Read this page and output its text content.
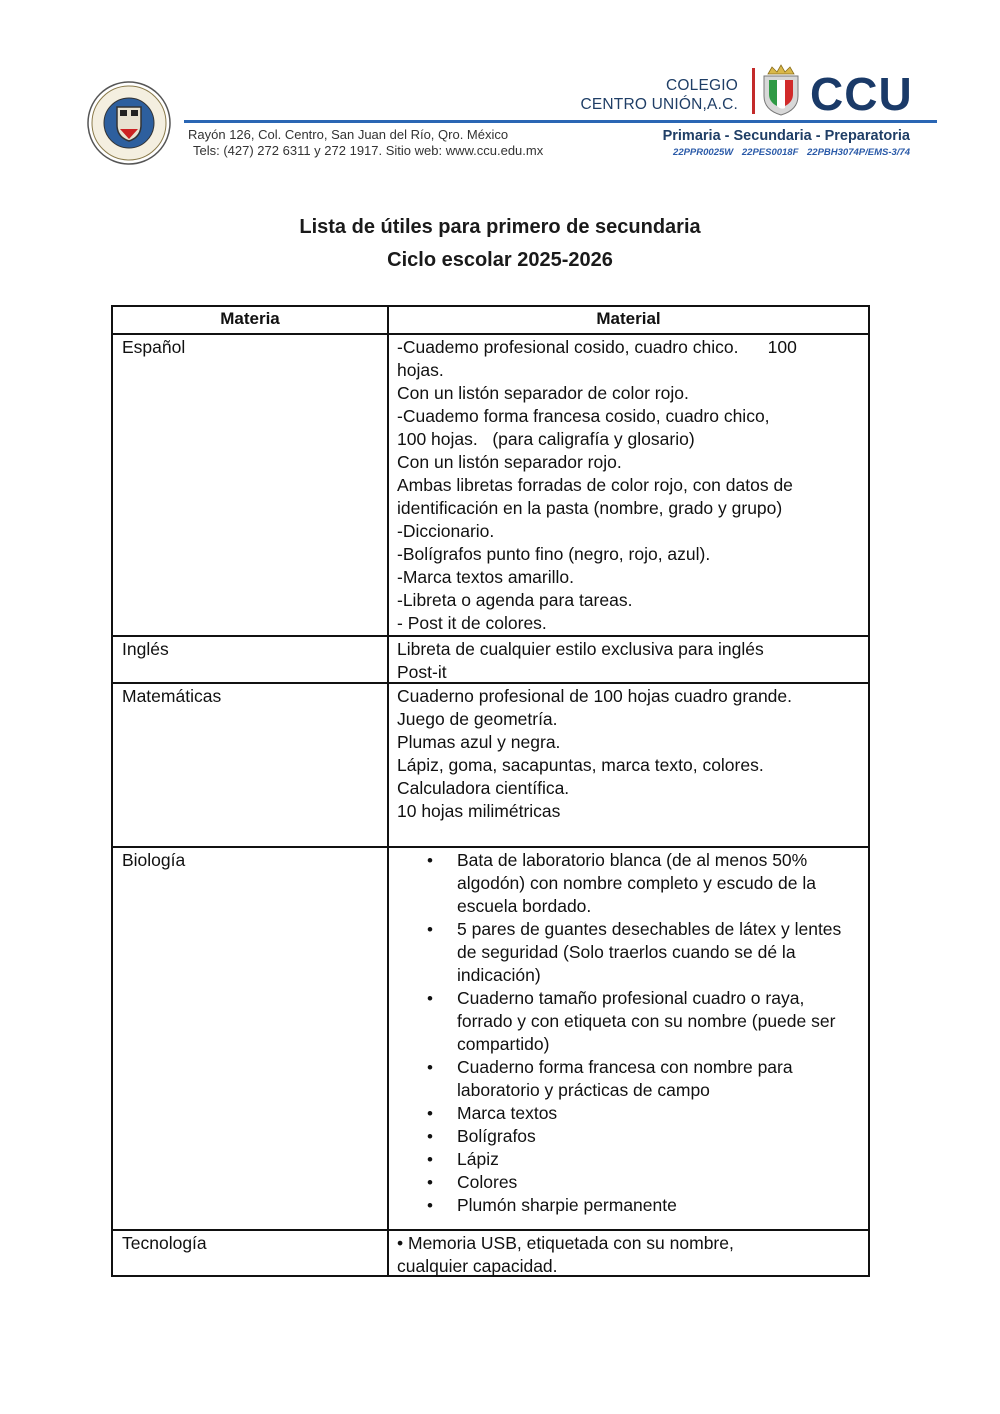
Rayón 126, Col. Centro, San Juan del Río, Qro. México
Tels: (427) 272 6311 y 272 1917. Sitio web: www.ccu.edu.mx
COLEGIO
CENTRO UNIÓN,A.C. CCU
Primaria - Secundaria - Preparatoria
22PPR0025W 22PES0018F 22PBH3074P/EMS-3/74
Lista de útiles para primero de secundaria
Ciclo escolar 2025-2026
Materia	Material
Español	-Cuademo profesional cosido, cuadro chico.      100
hojas.
Con un listón separador de color rojo.
-Cuademo forma francesa cosido, cuadro chico,
100 hojas.   (para caligrafía y glosario)
Con un listón separador rojo.
Ambas libretas forradas de color rojo, con datos de
identificación en la pasta (nombre, grado y grupo)
-Diccionario.
-Bolígrafos punto fino (negro, rojo, azul).
-Marca textos amarillo.
-Libreta o agenda para tareas.
- Post it de colores.
Inglés	Libreta de cualquier estilo exclusiva para inglés
Post-it
Matemáticas	Cuaderno profesional de 100 hojas cuadro grande.
Juego de geometría.
Plumas azul y negra.
Lápiz, goma, sacapuntas, marca texto, colores.
Calculadora científica.
10 hojas milimétricas
Biología	• Bata de laboratorio blanca (de al menos 50% algodón) con nombre completo y escudo de la escuela bordado.
• 5 pares de guantes desechables de látex y lentes de seguridad (Solo traerlos cuando se dé la indicación)
• Cuaderno tamaño profesional cuadro o raya, forrado y con etiqueta con su nombre (puede ser compartido)
• Cuaderno forma francesa con nombre para laboratorio y prácticas de campo
• Marca textos
• Bolígrafos
• Lápiz
• Colores
• Plumón sharpie permanente
Tecnología	• Memoria USB, etiquetada con su nombre,
cualquier capacidad.
